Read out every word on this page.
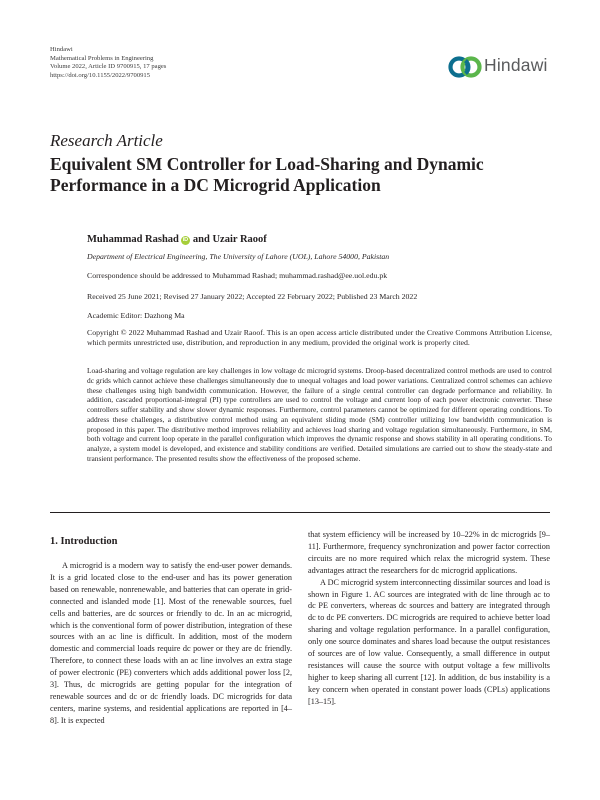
Hindawi
Mathematical Problems in Engineering
Volume 2022, Article ID 9700915, 17 pages
https://doi.org/10.1155/2022/9700915
Hindawi
Research Article
Equivalent SM Controller for Load-Sharing and Dynamic Performance in a DC Microgrid Application
Muhammad Rashad iD and Uzair Raoof
Department of Electrical Engineering, The University of Lahore (UOL), Lahore 54000, Pakistan
Correspondence should be addressed to Muhammad Rashad; muhammad.rashad@ee.uol.edu.pk
Received 25 June 2021; Revised 27 January 2022; Accepted 22 February 2022; Published 23 March 2022
Academic Editor: Dazhong Ma
Copyright © 2022 Muhammad Rashad and Uzair Raoof. This is an open access article distributed under the Creative Commons Attribution License, which permits unrestricted use, distribution, and reproduction in any medium, provided the original work is properly cited.
Load-sharing and voltage regulation are key challenges in low voltage dc microgrid systems. Droop-based decentralized control methods are used to control dc grids which cannot achieve these challenges simultaneously due to unequal voltages and load power variations. Centralized control schemes can achieve these challenges using high bandwidth communication. However, the failure of a single central controller can degrade performance and reliability. In addition, cascaded proportional-integral (PI) type controllers are used to control the voltage and current loop of each power electronic converter. These controllers suffer stability and show slower dynamic responses. Furthermore, control parameters cannot be optimized for different operating conditions. To address these challenges, a distributive control method using an equivalent sliding mode (SM) controller utilizing low bandwidth communication is proposed in this paper. The distributive method improves reliability and achieves load sharing and voltage regulation simultaneously. Furthermore, in SM, both voltage and current loop operate in the parallel configuration which improves the dynamic response and shows stability in all operating conditions. To analyze, a system model is developed, and existence and stability conditions are verified. Detailed simulations are carried out to show the steady-state and transient performance. The presented results show the effectiveness of the proposed scheme.
1. Introduction

A microgrid is a modern way to satisfy the end-user power demands. It is a grid located close to the end-user and has its power generation based on renewable, nonrenewable, and batteries that can operate in grid-connected and islanded mode [1]. Most of the renewable sources, fuel cells and batteries, are dc sources or friendly to dc. In an ac microgrid, which is the conventional form of power distribution, integration of these sources with an ac line is difficult. In addition, most of the modern domestic and commercial loads require dc power or they are dc friendly. Therefore, to connect these loads with an ac line involves an extra stage of power electronic (PE) converters which adds additional power loss [2, 3]. Thus, dc microgrids are getting popular for the integration of renewable sources and dc or dc friendly loads. DC microgrids for data centers, marine systems, and residential applications are reported in [4–8]. It is expected

that system efficiency will be increased by 10–22% in dc microgrids [9–11]. Furthermore, frequency synchronization and power factor correction circuits are no more required which relax the microgrid system. These advantages attract the researchers for dc microgrid applications.

A DC microgrid system interconnecting dissimilar sources and load is shown in Figure 1. AC sources are integrated with dc line through ac to dc PE converters, whereas dc sources and battery are integrated through dc to dc PE converters. DC microgrids are required to achieve better load sharing and voltage regulation performance. In a parallel configuration, only one source dominates and shares load because the output resistances of sources are of low value. Consequently, a small difference in output resistances will cause the source with output voltage a few millivolts higher to keep sharing all current [12]. In addition, dc bus instability is a key concern when operated in constant power loads (CPLs) applications [13–15].
